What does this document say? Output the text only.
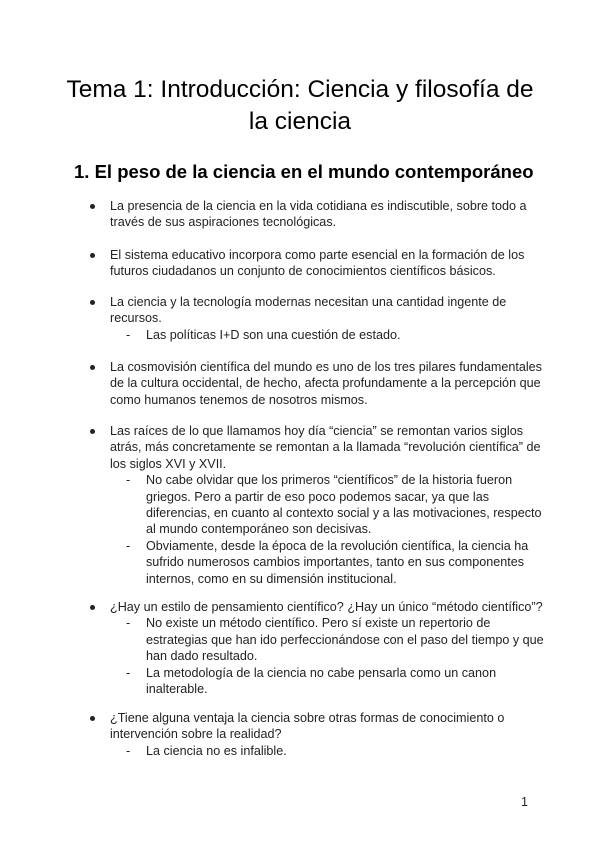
Tema 1: Introducción: Ciencia y filosofía de la ciencia
1. El peso de la ciencia en el mundo contemporáneo
La presencia de la ciencia en la vida cotidiana es indiscutible, sobre todo a través de sus aspiraciones tecnológicas.
El sistema educativo incorpora como parte esencial en la formación de los futuros ciudadanos un conjunto de conocimientos científicos básicos.
La ciencia y la tecnología modernas necesitan una cantidad ingente de recursos.
- Las políticas I+D son una cuestión de estado.
La cosmovisión científica del mundo es uno de los tres pilares fundamentales de la cultura occidental, de hecho, afecta profundamente a la percepción que como humanos tenemos de nosotros mismos.
Las raíces de lo que llamamos hoy día “ciencia” se remontan varios siglos atrás, más concretamente se remontan a la llamada “revolución científica” de los siglos XVI y XVII.
- No cabe olvidar que los primeros “científicos” de la historia fueron griegos. Pero a partir de eso poco podemos sacar, ya que las diferencias, en cuanto al contexto social y a las motivaciones, respecto al mundo contemporáneo son decisivas.
- Obviamente, desde la época de la revolución científica, la ciencia ha sufrido numerosos cambios importantes, tanto en sus componentes internos, como en su dimensión institucional.
¿Hay un estilo de pensamiento científico? ¿Hay un único “método científico”?
- No existe un método científico. Pero sí existe un repertorio de estrategias que han ido perfeccionándose con el paso del tiempo y que han dado resultado.
- La metodología de la ciencia no cabe pensarla como un canon inalterable.
¿Tiene alguna ventaja la ciencia sobre otras formas de conocimiento o intervención sobre la realidad?
- La ciencia no es infalible.
1
